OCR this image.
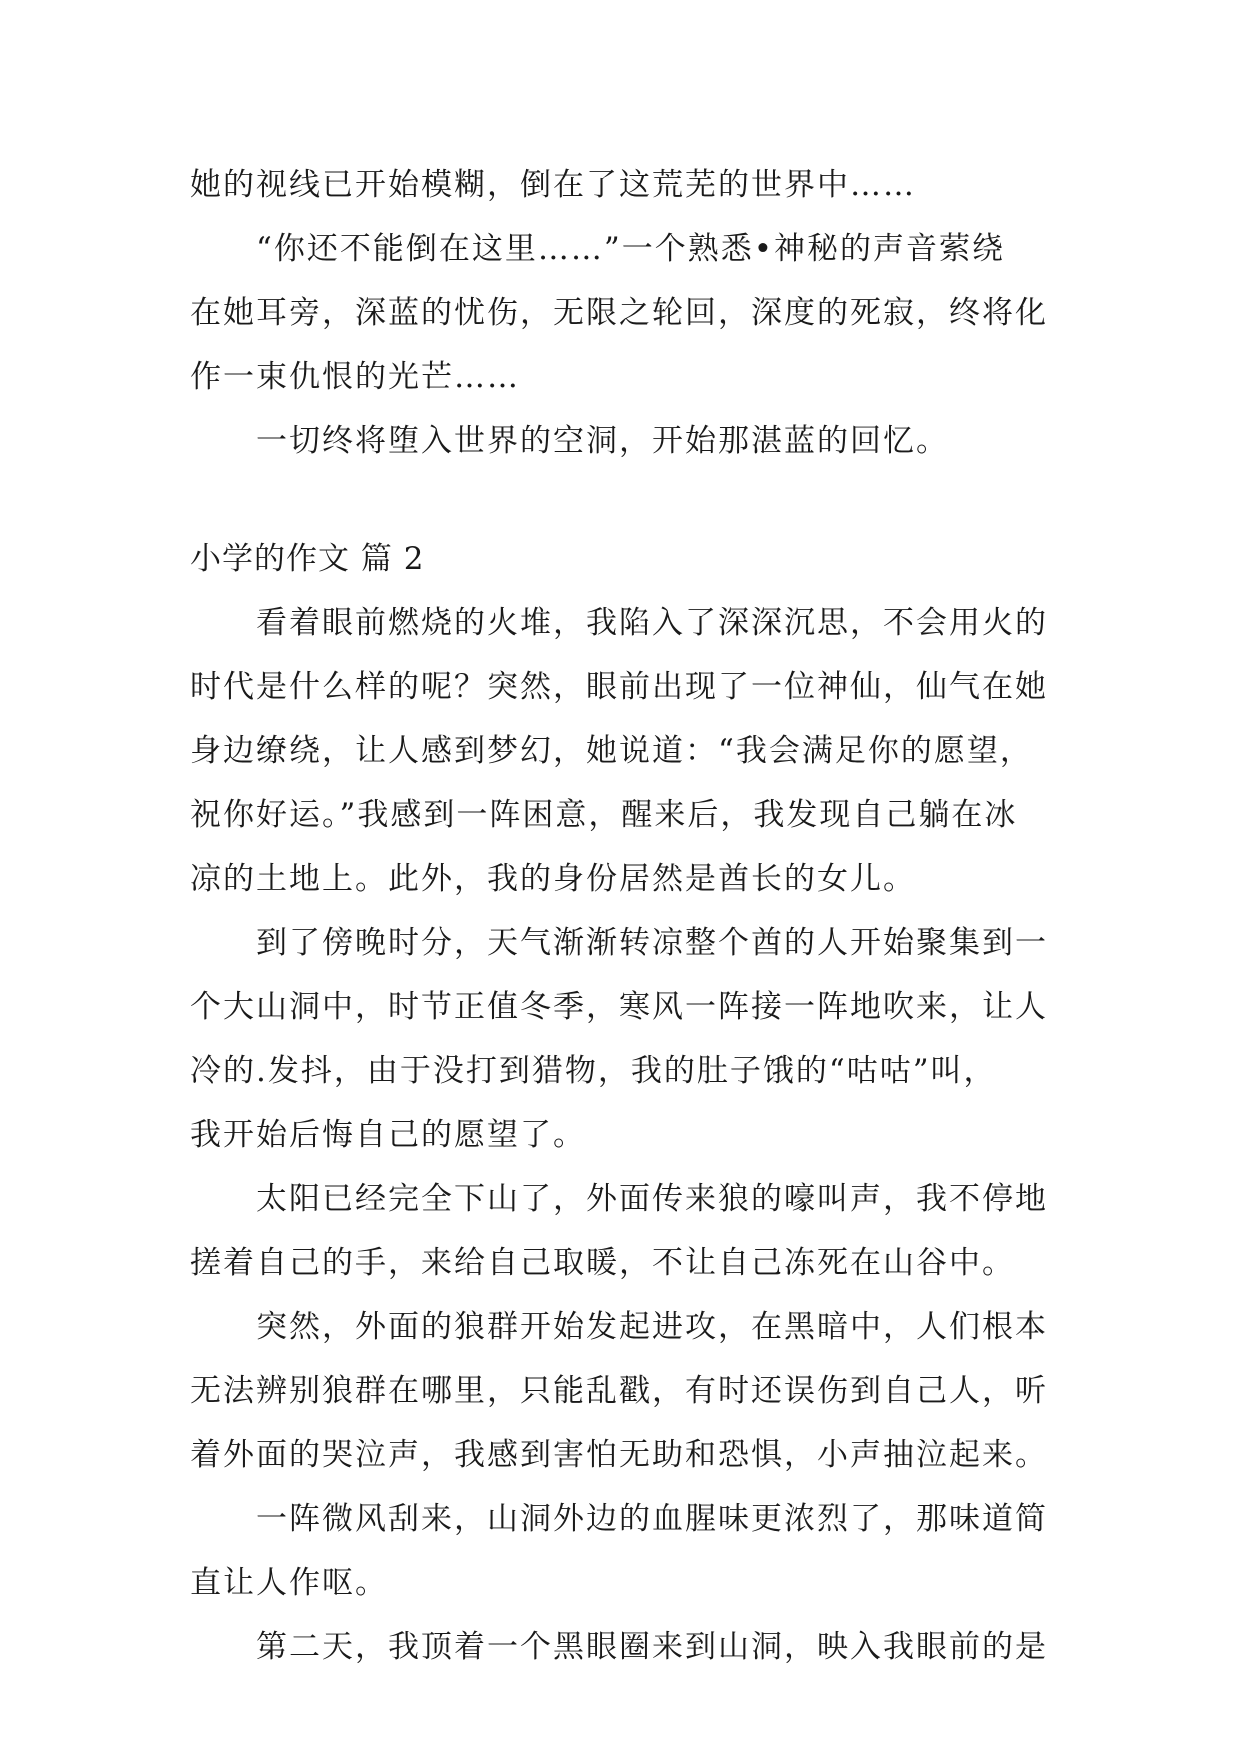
她的视线已开始模糊，倒在了这荒芜的世界中……
“你还不能倒在这里……”一个熟悉•神秘的声音萦绕
在她耳旁，深蓝的忧伤，无限之轮回，深度的死寂，终将化
作一束仇恨的光芒……
一切终将堕入世界的空洞，开始那湛蓝的回忆。
小学的作文 篇 2
看着眼前燃烧的火堆，我陷入了深深沉思，不会用火的
时代是什么样的呢？突然，眼前出现了一位神仙，仙气在她
身边缭绕，让人感到梦幻，她说道：“我会满足你的愿望，
祝你好运。”我感到一阵困意，醒来后，我发现自己躺在冰
凉的土地上。此外，我的身份居然是酋长的女儿。
到了傍晚时分，天气渐渐转凉整个酋的人开始聚集到一
个大山洞中，时节正值冬季，寒风一阵接一阵地吹来，让人
冷的.发抖，由于没打到猎物，我的肚子饿的“咕咕”叫，
我开始后悔自己的愿望了。
太阳已经完全下山了，外面传来狼的嚎叫声，我不停地
搓着自己的手，来给自己取暖，不让自己冻死在山谷中。
突然，外面的狼群开始发起进攻，在黑暗中，人们根本
无法辨别狼群在哪里，只能乱戳，有时还误伤到自己人，听
着外面的哭泣声，我感到害怕无助和恐惧，小声抽泣起来。
一阵微风刮来，山洞外边的血腥味更浓烈了，那味道简
直让人作呕。
第二天，我顶着一个黑眼圈来到山洞，映入我眼前的是
